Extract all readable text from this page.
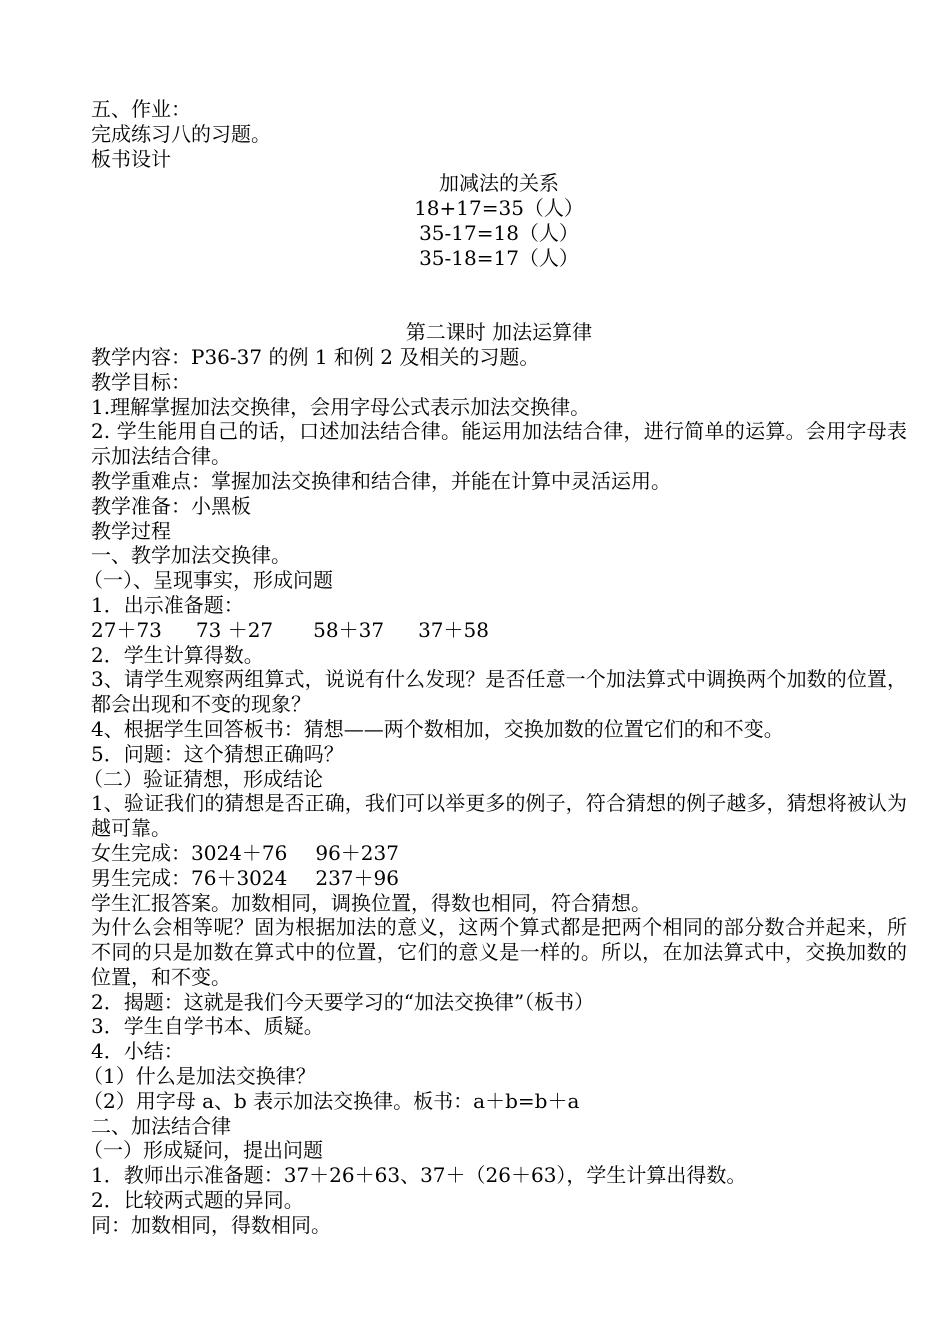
五、作业：
完成练习八的习题。
板书设计
加减法的关系
18+17=35（人）
35-17=18（人）
35-18=17（人）
第二课时 加法运算律
教学内容：P36-37 的例 1 和例 2 及相关的习题。
教学目标：
1.理解掌握加法交换律，会用字母公式表示加法交换律。
2. 学生能用自己的话，口述加法结合律。能运用加法结合律，进行简单的运算。会用字母表示加法结合律。
教学重难点：掌握加法交换律和结合律，并能在计算中灵活运用。
教学准备：小黑板
教学过程
一、教学加法交换律。
（一）、呈现事实，形成问题
1．出示准备题：
27＋73 73 ＋27 58＋37 37＋58
2．学生计算得数。
3、请学生观察两组算式，说说有什么发现？是否任意一个加法算式中调换两个加数的位置，都会出现和不变的现象？
4、根据学生回答板书：猜想——两个数相加，交换加数的位置它们的和不变。
5．问题：这个猜想正确吗？
（二）验证猜想，形成结论
1、验证我们的猜想是否正确，我们可以举更多的例子，符合猜想的例子越多，猜想将被认为越可靠。
女生完成：3024＋76 96＋237
男生完成：76＋3024 237＋96
学生汇报答案。加数相同，调换位置，得数也相同，符合猜想。
为什么会相等呢？固为根据加法的意义，这两个算式都是把两个相同的部分数合并起来，所不同的只是加数在算式中的位置，它们的意义是一样的。所以，在加法算式中，交换加数的位置，和不变。
2．揭题：这就是我们今天要学习的“加法交换律”（板书）
3．学生自学书本、质疑。
4．小结：
（1）什么是加法交换律？
（2）用字母 a、b 表示加法交换律。板书：a＋b=b＋a
二、加法结合律
（一）形成疑问，提出问题
1．教师出示准备题：37＋26＋63、37＋（26＋63），学生计算出得数。
2．比较两式题的异同。
同：加数相同，得数相同。
